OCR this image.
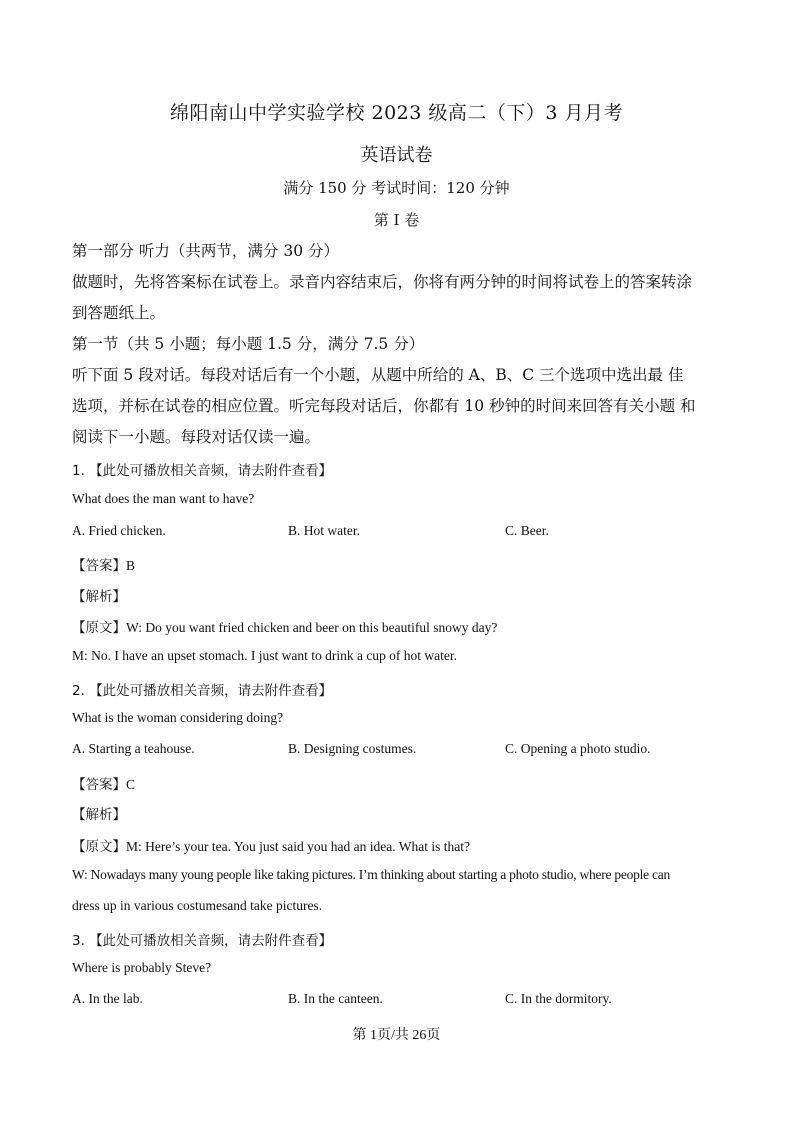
绵阳南山中学实验学校 2023 级高二（下）3 月月考
英语试卷
满分 150 分 考试时间：120 分钟
第 I 卷
第一部分 听力（共两节，满分 30 分）
做题时，先将答案标在试卷上。录音内容结束后，你将有两分钟的时间将试卷上的答案转涂
到答题纸上。
第一节（共 5 小题；每小题 1.5 分，满分 7.5 分）
听下面 5 段对话。每段对话后有一个小题，从题中所给的 A、B、C 三个选项中选出最 佳
选项，并标在试卷的相应位置。听完每段对话后，你都有 10 秒钟的时间来回答有关小题 和
阅读下一小题。每段对话仅读一遍。
1. 【此处可播放相关音频，请去附件查看】
What does the man want to have?
A. Fried chicken.	B. Hot water.	C. Beer.
【答案】B
【解析】
【原文】W: Do you want fried chicken and beer on this beautiful snowy day?
M: No. I have an upset stomach. I just want to drink a cup of hot water.
2. 【此处可播放相关音频，请去附件查看】
What is the woman considering doing?
A. Starting a teahouse.	B. Designing costumes.	C. Opening a photo studio.
【答案】C
【解析】
【原文】M: Here’s your tea. You just said you had an idea. What is that?
W: Nowadays many young people like taking pictures. I’m thinking about starting a photo studio, where people can
dress up in various costumesand take pictures.
3. 【此处可播放相关音频，请去附件查看】
Where is probably Steve?
A. In the lab.	B. In the canteen.	C. In the dormitory.
第 1页/共 26页
